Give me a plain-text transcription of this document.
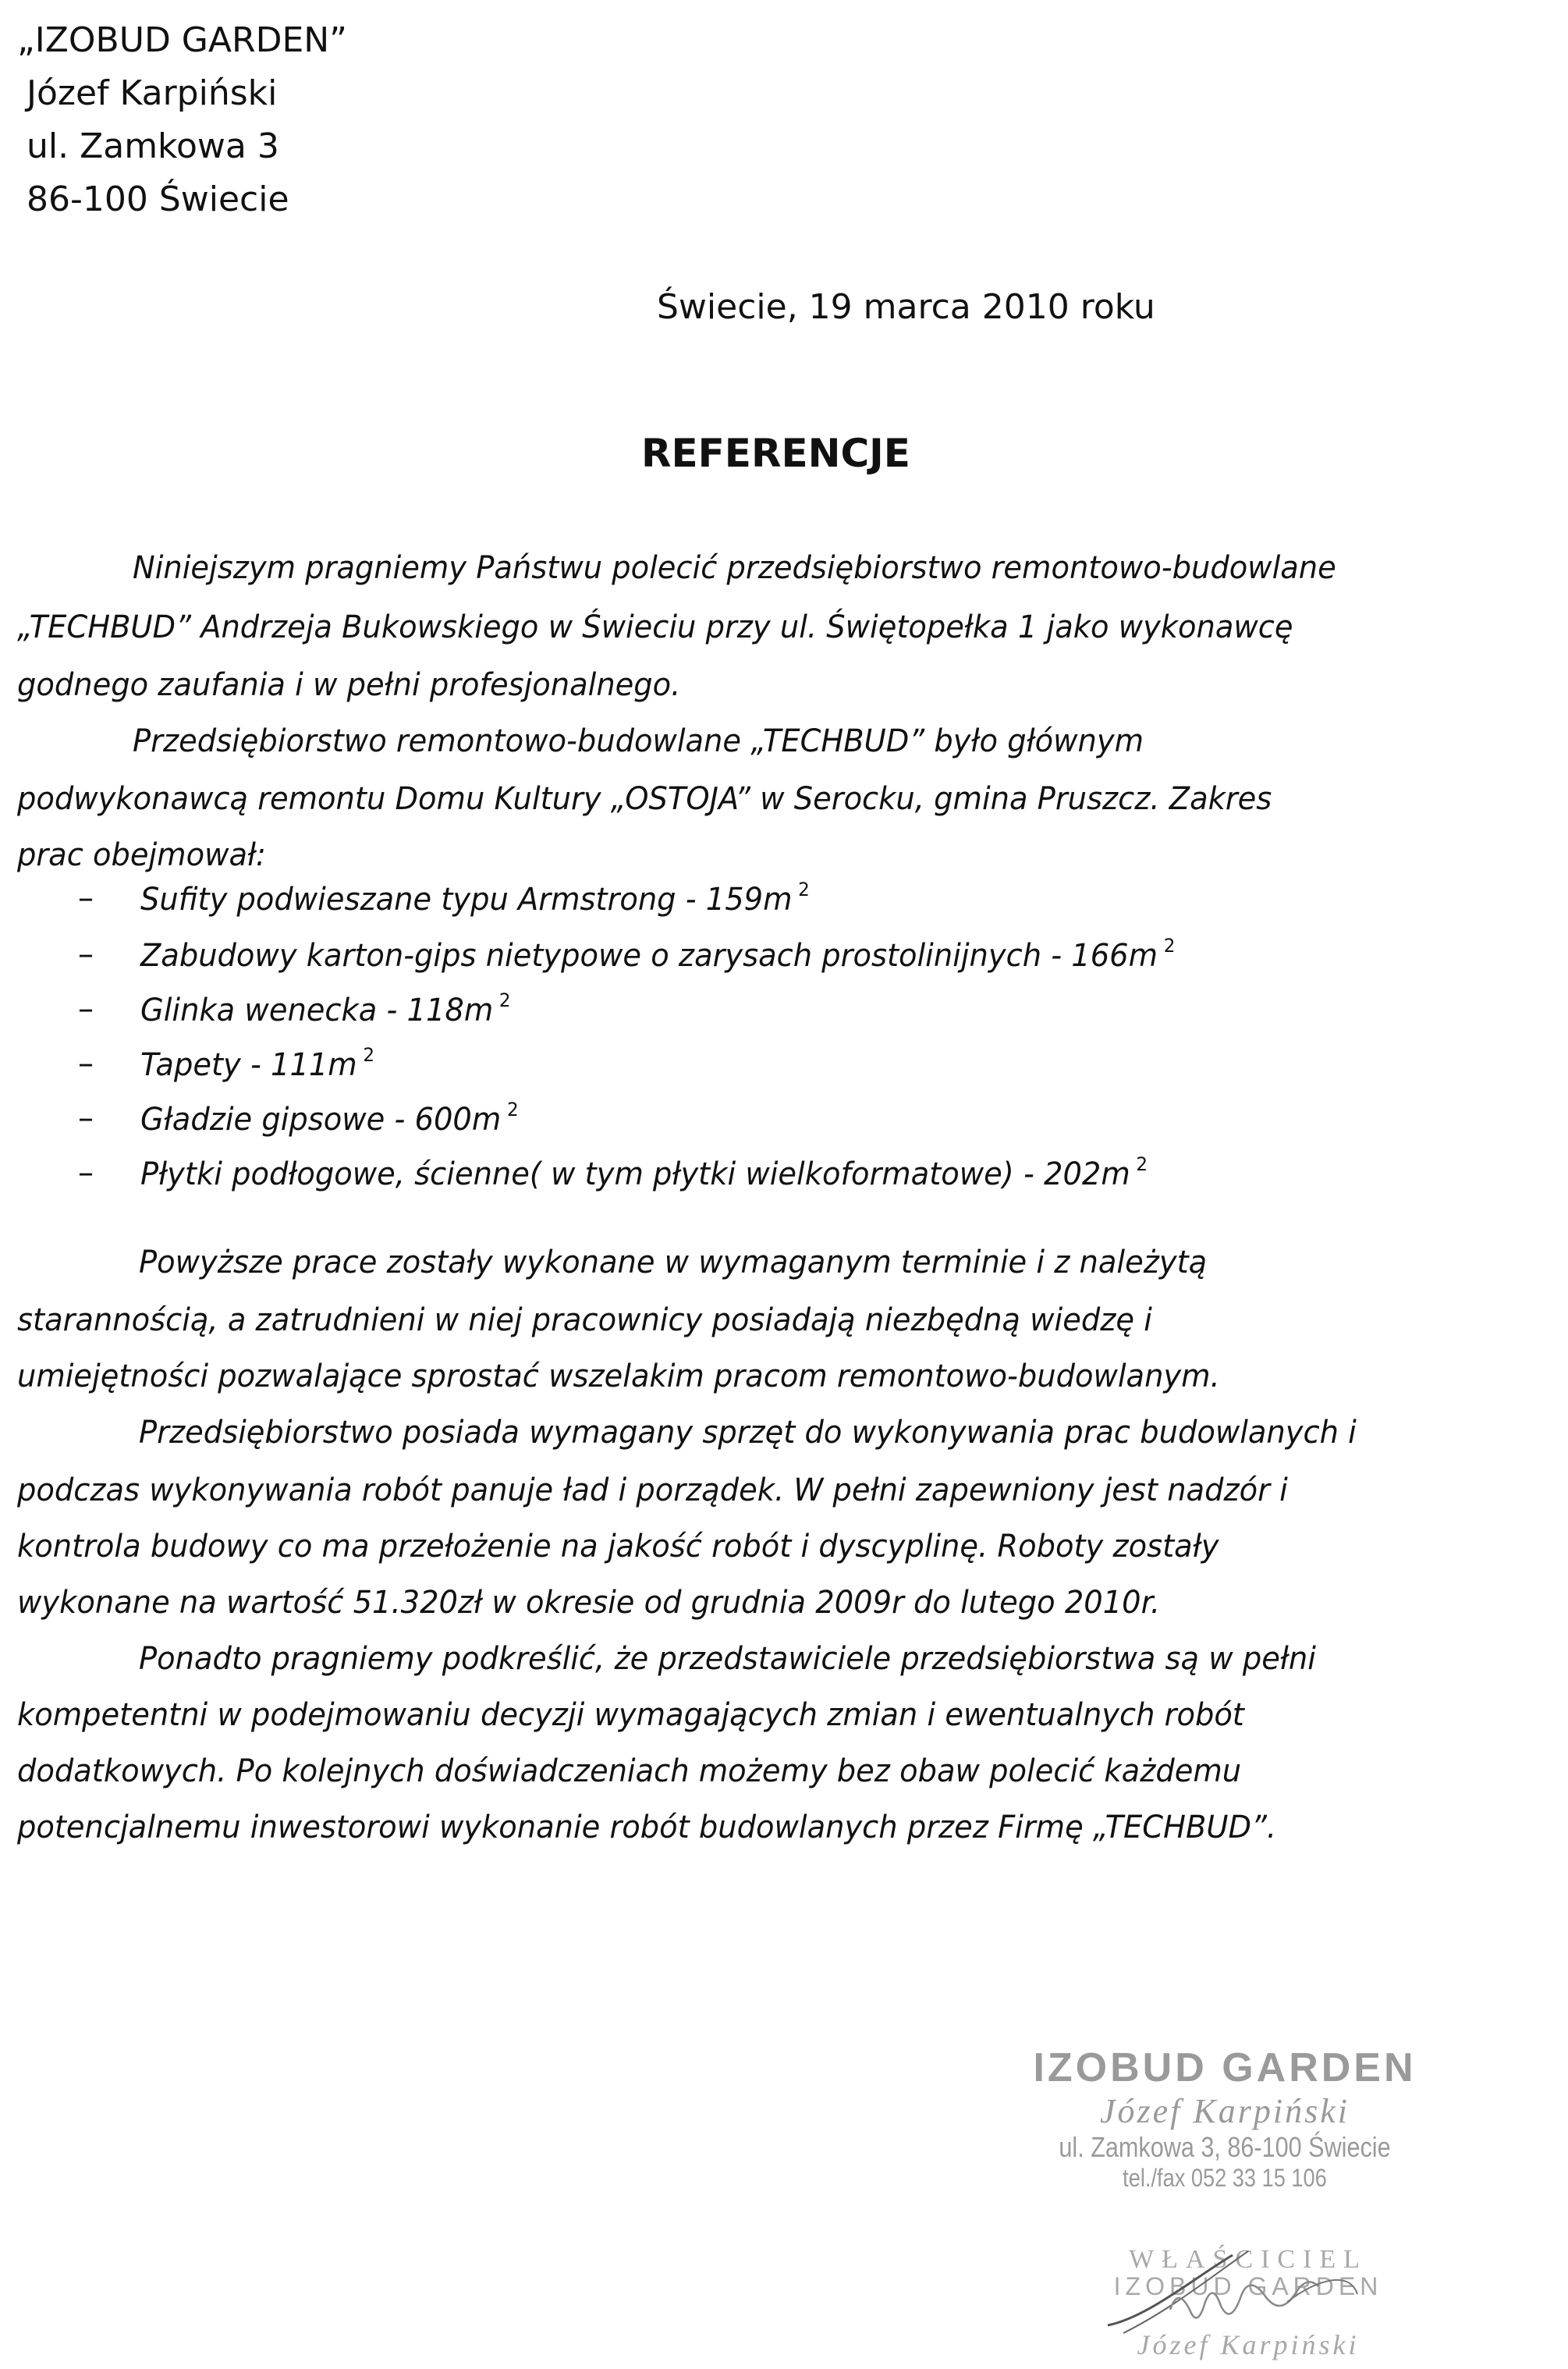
„IZOBUD GARDEN”
Józef Karpiński
ul. Zamkowa 3
86-100 Świecie
Świecie, 19 marca 2010 roku
REFERENCJE
Niniejszym pragniemy Państwu polecić przedsiębiorstwo remontowo-budowlane
„TECHBUD” Andrzeja Bukowskiego w Świeciu przy ul. Świętopełka 1 jako wykonawcę
godnego zaufania i w pełni profesjonalnego.
Przedsiębiorstwo remontowo-budowlane „TECHBUD” było głównym
podwykonawcą remontu Domu Kultury „OSTOJA” w Serocku, gmina Pruszcz. Zakres
prac obejmował:
– Sufity podwieszane typu Armstrong - 159m $^2$
– Zabudowy karton-gips nietypowe o zarysach prostolinijnych - 166m $^2$
– Glinka wenecka - 118m $^2$
– Tapety - 111m $^2$
– Gładzie gipsowe - 600m $^2$
– Płytki podłogowe, ścienne( w tym płytki wielkoformatowe) - 202m $^2$
Powyższe prace zostały wykonane w wymaganym terminie i z należytą
starannością, a zatrudnieni w niej pracownicy posiadają niezbędną wiedzę i
umiejętności pozwalające sprostać wszelakim pracom remontowo-budowlanym.
Przedsiębiorstwo posiada wymagany sprzęt do wykonywania prac budowlanych i
podczas wykonywania robót panuje ład i porządek. W pełni zapewniony jest nadzór i
kontrola budowy co ma przełożenie na jakość robót i dyscyplinę. Roboty zostały
wykonane na wartość 51.320zł w okresie od grudnia 2009r do lutego 2010r.
Ponadto pragniemy podkreślić, że przedstawiciele przedsiębiorstwa są w pełni
kompetentni w podejmowaniu decyzji wymagających zmian i ewentualnych robót
dodatkowych. Po kolejnych doświadczeniach możemy bez obaw polecić każdemu
potencjalnemu inwestorowi wykonanie robót budowlanych przez Firmę „TECHBUD”.
IZOBUD GARDEN
Józef Karpiński
ul. Zamkowa 3, 86-100 Świecie
tel./fax 052 33 15 106
WŁAŚCICIEL
IZOBUD GARDEN
Józef Karpiński
